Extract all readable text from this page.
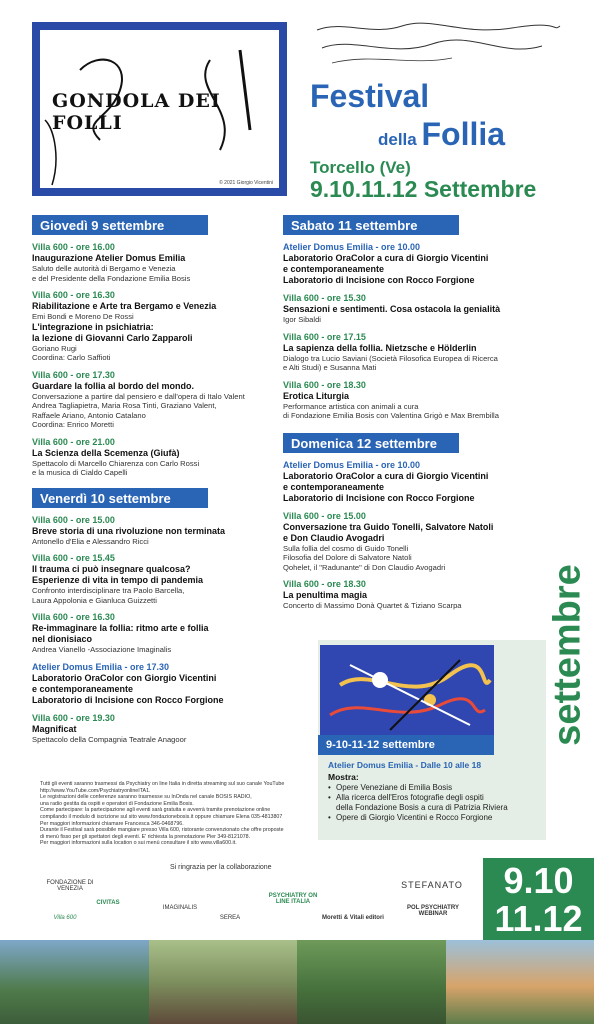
GONDOLA DEI FOLLI
© 2021 Giorgio Vicentini
Festival
della Follia
Torcello (Ve)
9.10.11.12 Settembre
Giovedì 9 settembre
Villa 600 - ore 16.00
Inaugurazione Atelier Domus Emilia
Saluto delle autorità di Bergamo e Venezia
e del Presidente della Fondazione Emilia Bosis
Villa 600 - ore 16.30
Riabilitazione e Arte tra Bergamo e Venezia
Emi Bondi e Moreno De Rossi
L'integrazione in psichiatria:
la lezione di Giovanni Carlo Zapparoli
Goriano Rugi
Coordina: Carlo Saffioti
Villa 600 - ore 17.30
Guardare la follia al bordo del mondo.
Conversazione a partire dal pensiero e dall'opera di Italo Valent
Andrea Tagliapietra, Maria Rosa Tinti, Graziano Valent,
Raffaele Ariano, Antonio Catalano
Coordina: Enrico Moretti
Villa 600 - ore 21.00
La Scienza della Scemenza (Giufà)
Spettacolo di Marcello Chiarenza con Carlo Rossi
e la musica di Cialdo Capelli
Venerdì 10 settembre
Villa 600 - ore 15.00
Breve storia di una rivoluzione non terminata
Antonello d'Elia e Alessandro Ricci
Villa 600 - ore 15.45
Il trauma ci può insegnare qualcosa?
Esperienze di vita in tempo di pandemia
Confronto interdisciplinare tra Paolo Barcella,
Laura Appolonia e Gianluca Guizzetti
Villa 600 - ore 16.30
Re-immaginare la follia: ritmo arte e follia
nel dionisiaco
Andrea Vianello -Associazione Imaginalis
Atelier Domus Emilia - ore 17.30
Laboratorio OraColor con Giorgio Vicentini
e contemporaneamente
Laboratorio di Incisione con Rocco Forgione
Villa 600 - ore 19.30
Magnificat
Spettacolo della Compagnia Teatrale Anagoor
Sabato 11 settembre
Atelier Domus Emilia - ore 10.00
Laboratorio OraColor a cura di Giorgio Vicentini
e contemporaneamente
Laboratorio di Incisione con Rocco Forgione
Villa 600 - ore 15.30
Sensazioni e sentimenti. Cosa ostacola la genialità
Igor Sibaldi
Villa 600 - ore 17.15
La sapienza della follia. Nietzsche e Hölderlin
Dialogo tra Lucio Saviani (Società Filosofica Europea di Ricerca
e Alti Studi) e Susanna Mati
Villa 600 - ore 18.30
Erotica Liturgia
Performance artistica con animali a cura
di Fondazione Emilia Bosis con Valentina Grigò e Max Brembilla
Domenica 12 settembre
Atelier Domus Emilia - ore 10.00
Laboratorio OraColor a cura di Giorgio Vicentini
e contemporaneamente
Laboratorio di Incisione con Rocco Forgione
Villa 600 - ore 15.00
Conversazione tra Guido Tonelli, Salvatore Natoli
e Don Claudio Avogadri
Sulla follia del cosmo di Guido Tonelli
Filosofia del Dolore di Salvatore Natoli
Qohelet, il "Radunante" di Don Claudio Avogadri
Villa 600 - ore 18.30
La penultima magia
Concerto di Massimo Donà Quartet & Tiziano Scarpa
9-10-11-12 settembre
Atelier Domus Emilia - Dalle 10 alle 18
Mostra:
• Opere Veneziane di Emilia Bosis
• Alla ricerca dell'Eros fotografie degli ospiti
della Fondazione Bosis a cura di Patrizia Riviera
• Opere di Giorgio Vicentini e Rocco Forgione
settembre
Tutti gli eventi saranno trasmessi da Psychiatry on line Italia in diretta streaming sul suo canale YouTube
http://www.YouTube.com/PsychiatryonlineITA1.
Le registrazioni delle conferenze saranno trasmesse su InOnda nel canale BOSIS RADIO,
una radio gestita da ospiti e operatori di Fondazione Emilia Bosis.
Come partecipare: la partecipazione agli eventi sarà gratuita e avverrà tramite prenotazione online
compilando il modulo di iscrizione sul sito www.fondazionebosis.it oppure chiamare Elena 035-4813807
Per maggiori informazioni chiamare Francesca 346-0468796.
Durante il Festival sarà possibile mangiare presso Villa 600, ristorante convenzionato che offre proposte
di menù fisso per gli spettatori degli eventi. E' richiesta la prenotazione Pier 349-8121078.
Per maggiori informazioni sulla location o sui menù consultare il sito www.villa600.it.
Si ringrazia per la collaborazione
FONDAZIONE DI VENEZIA
CIVITAS
Villa 600
IMAGINALIS
SEREA
PSYCHIATRY ON LINE ITALIA
Moretti & Vitali editori
STEFANATO
POL PSYCHIATRY WEBINAR
9.10
11.12
